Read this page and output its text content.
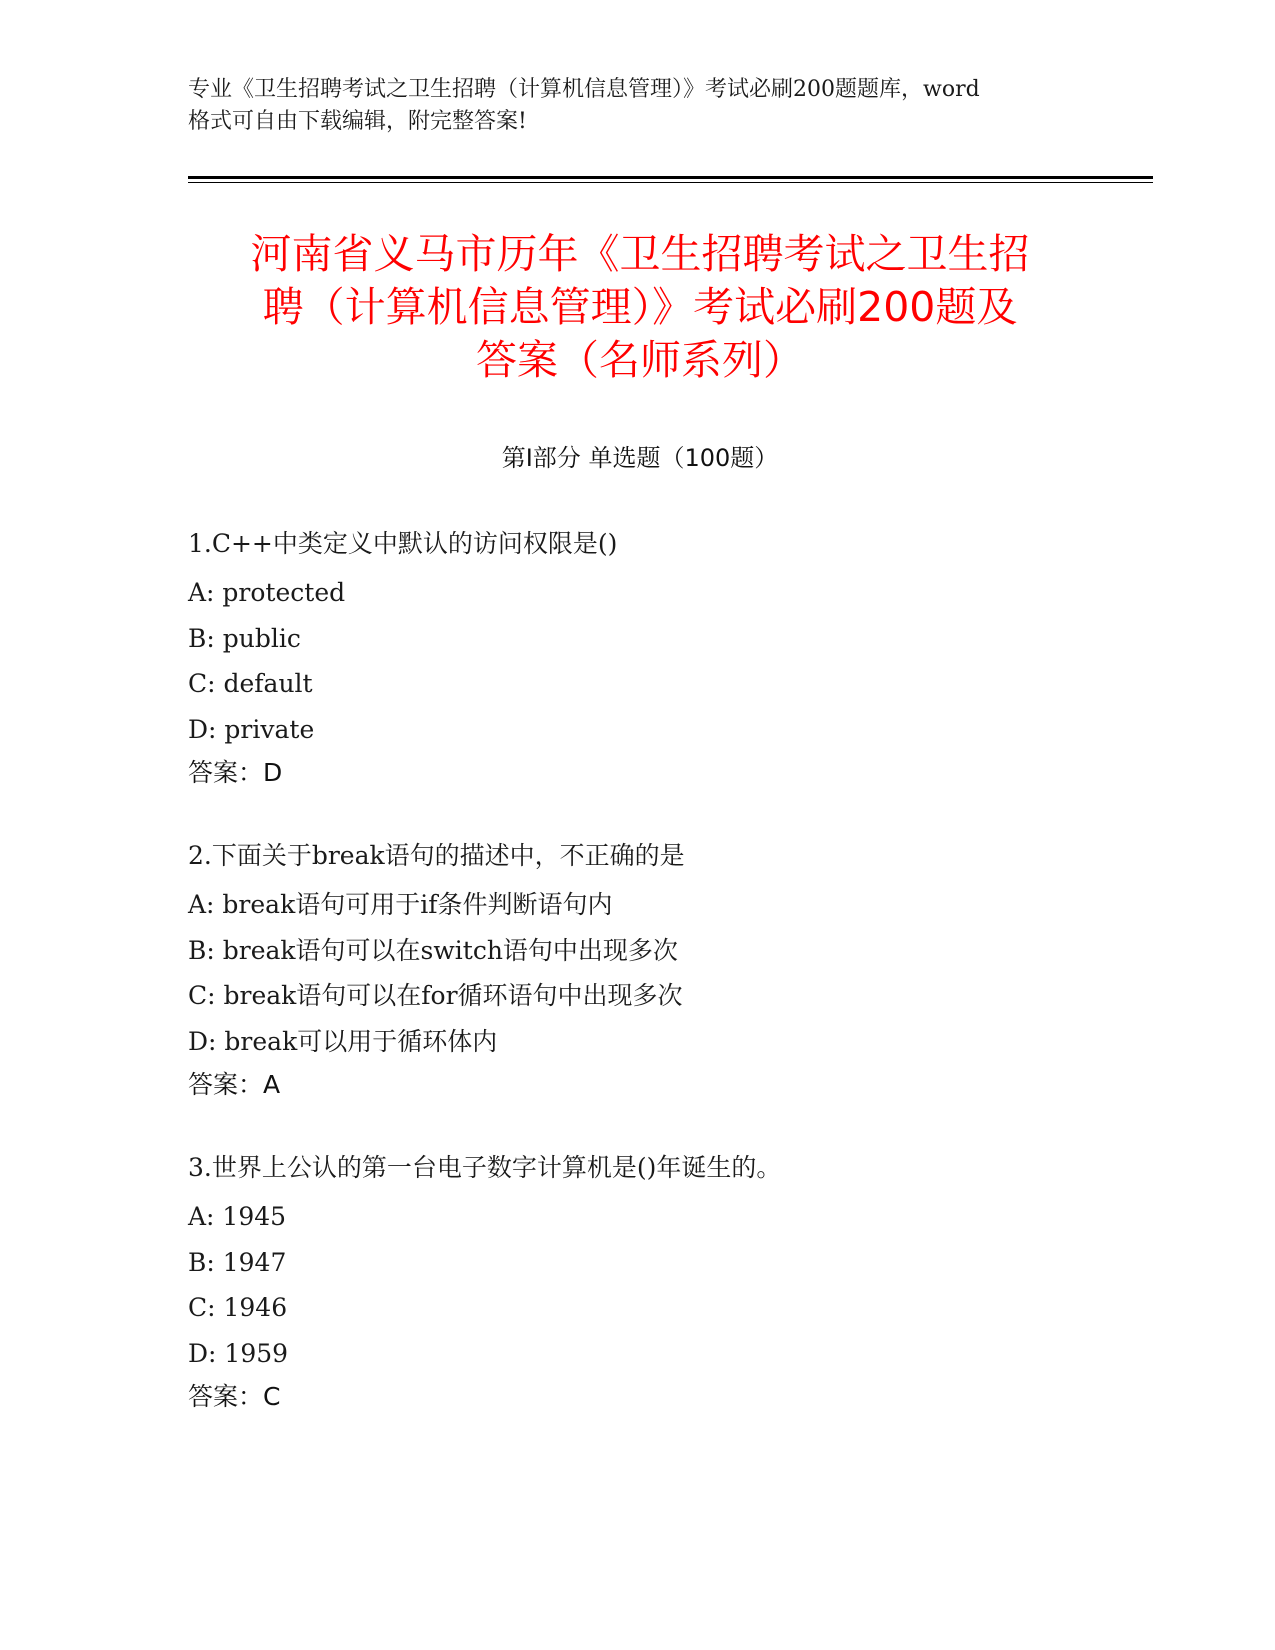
专业《卫生招聘考试之卫生招聘（计算机信息管理）》考试必刷200题题库，word
格式可自由下载编辑，附完整答案!
河南省义马市历年《卫生招聘考试之卫生招
聘（计算机信息管理）》考试必刷200题及
答案（名师系列）
第Ⅰ部分 单选题（100题）
1.C++中类定义中默认的访问权限是()
A: protected
B: public
C: default
D: private
答案：D
2.下面关于break语句的描述中，不正确的是
A: break语句可用于if条件判断语句内
B: break语句可以在switch语句中出现多次
C: break语句可以在for循环语句中出现多次
D: break可以用于循环体内
答案：A
3.世界上公认的第一台电子数字计算机是()年诞生的。
A: 1945
B: 1947
C: 1946
D: 1959
答案：C
